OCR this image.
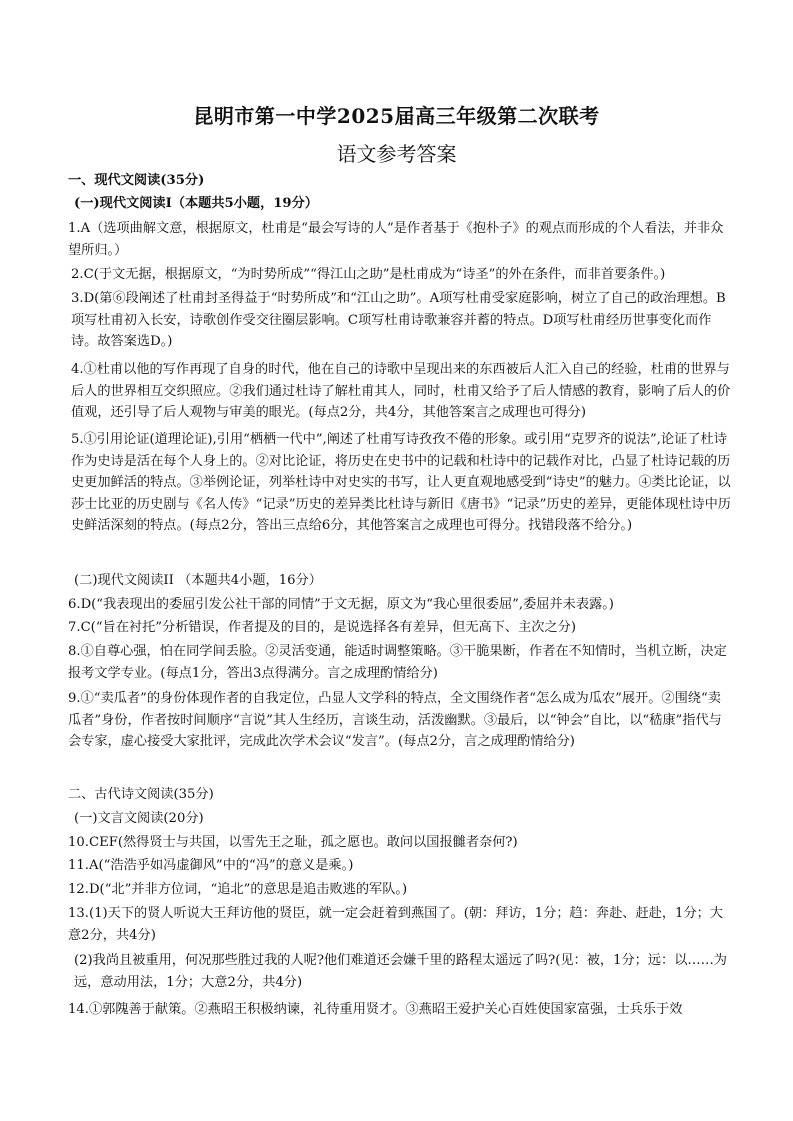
昆明市第一中学2025届高三年级第二次联考
语文参考答案
一、现代文阅读(35分)
(一)现代文阅读I（本题共5小题，19分）
1.A（选项曲解文意，根据原文，杜甫是“最会写诗的人”是作者基于《抱朴子》的观点而形成的个人看法，并非众望所归。）
2.C(于文无据，根据原文，“为时势所成”“得江山之助”是杜甫成为“诗圣”的外在条件，而非首要条件。)
3.D(第⑥段阐述了杜甫封圣得益于“时势所成”和“江山之助”。A项写杜甫受家庭影响，树立了自己的政治理想。B项写杜甫初入长安，诗歌创作受交往圈层影响。C项写杜甫诗歌兼容并蓄的特点。D项写杜甫经历世事变化而作诗。故答案选D。)
4.①杜甫以他的写作再现了自身的时代，他在自己的诗歌中呈现出来的东西被后人汇入自己的经验，杜甫的世界与后人的世界相互交织照应。②我们通过杜诗了解杜甫其人，同时，杜甫又给予了后人情感的教育，影响了后人的价值观，还引导了后人观物与审美的眼光。(每点2分，共4分，其他答案言之成理也可得分)
5.①引用论证(道理论证),引用“栖栖一代中”,阐述了杜甫写诗孜孜不倦的形象。或引用“克罗齐的说法”,论证了杜诗作为史诗是活在每个人身上的。②对比论证，将历史在史书中的记载和杜诗中的记载作对比，凸显了杜诗记载的历史更加鲜活的特点。③举例论证，列举杜诗中对史实的书写，让人更直观地感受到“诗史”的魅力。④类比论证，以莎士比亚的历史剧与《名人传》“记录”历史的差异类比杜诗与新旧《唐书》“记录”历史的差异，更能体现杜诗中历史鲜活深刻的特点。(每点2分，答出三点给6分，其他答案言之成理也可得分。找错段落不给分。)
(二)现代文阅读II （本题共4小题，16分）
6.D(“我表现出的委屈引发公社干部的同情”于文无据，原文为“我心里很委屈”,委屈并未表露。)
7.C(“旨在衬托”分析错误，作者提及的目的，是说选择各有差异，但无高下、主次之分)
8.①自尊心强，怕在同学间丢脸。②灵活变通，能适时调整策略。③干脆果断，作者在不知情时，当机立断，决定报考文学专业。(每点1分，答出3点得满分。言之成理酌情给分)
9.①“卖瓜者”的身份体现作者的自我定位，凸显人文学科的特点，全文围绕作者“怎么成为瓜农”展开。②围绕“卖瓜者”身份，作者按时间顺序“言说”其人生经历，言谈生动，活泼幽默。③最后，以“钟会”自比，以“嵇康”指代与会专家，虚心接受大家批评，完成此次学术会议“发言”。(每点2分，言之成理酌情给分)
二、古代诗文阅读(35分)
(一)文言文阅读(20分)
10.CEF(然得贤士与共国，以雪先王之耻，孤之愿也。敢问以国报雠者奈何?)
11.A(“浩浩乎如冯虚御风”中的“冯”的意义是乘。)
12.D(“北”并非方位词，“追北”的意思是追击败逃的军队。)
13.(1)天下的贤人听说大王拜访他的贤臣，就一定会赶着到燕国了。(朝：拜访，1分；趋：奔赴、赶赴，1分；大意2分，共4分)
(2)我尚且被重用，何况那些胜过我的人呢?他们难道还会嫌千里的路程太遥远了吗?(见：被，1分；远：以……为远，意动用法，1分；大意2分，共4分)
14.①郭隗善于献策。②燕昭王积极纳谏，礼待重用贤才。③燕昭王爱护关心百姓使国家富强，士兵乐于效
